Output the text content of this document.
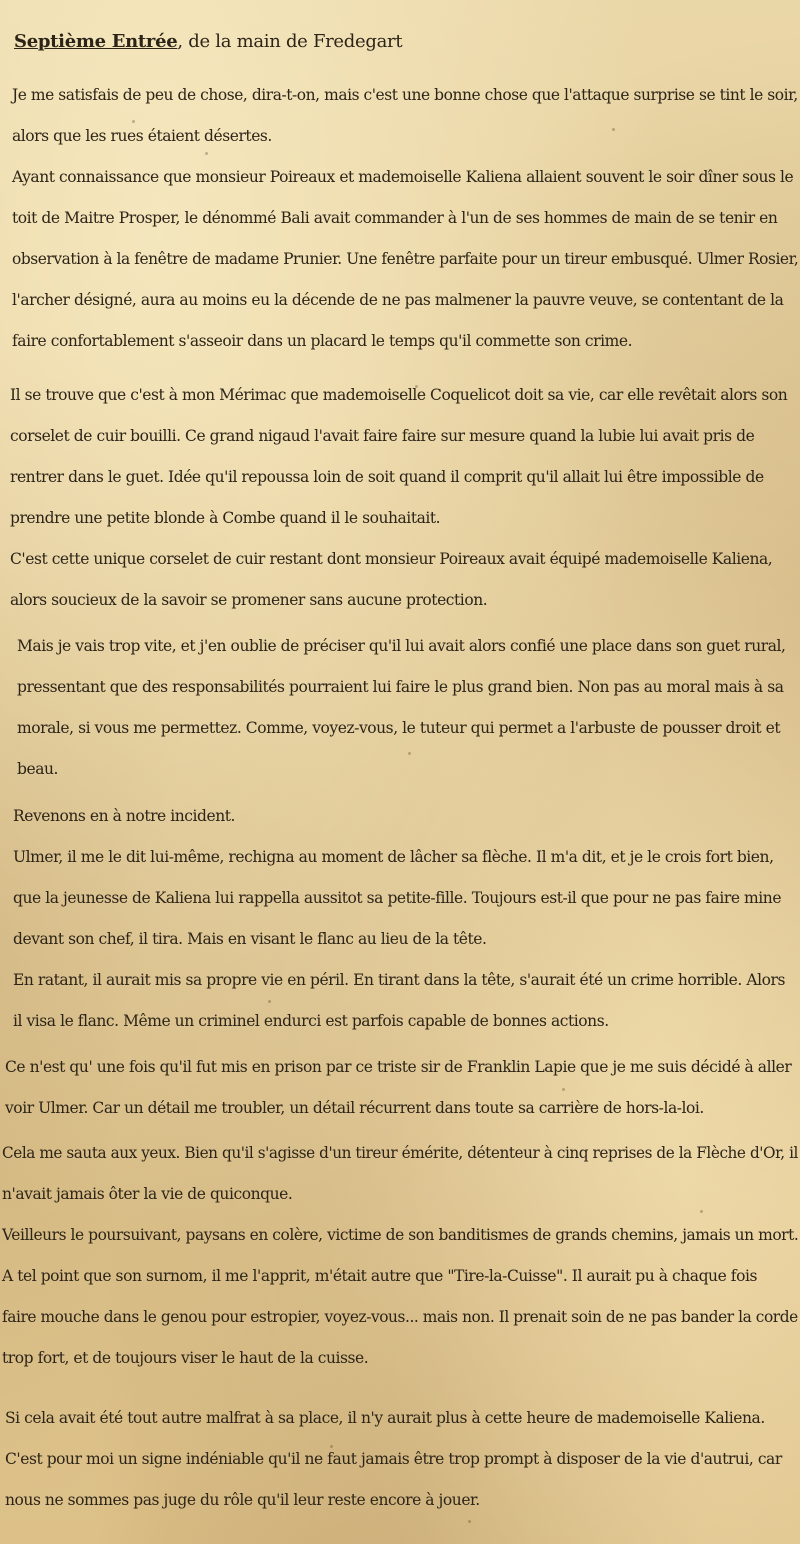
Septième Entrée, de la main de Fredegart
Je me satisfais de peu de chose, dira-t-on, mais c'est une bonne chose que l'attaque surprise se tint le soir,
alors que les rues étaient désertes.
Ayant connaissance que monsieur Poireaux et mademoiselle Kaliena allaient souvent le soir dîner sous le
toit de Maitre Prosper, le dénommé Bali avait commander à l'un de ses hommes de main de se tenir en
observation à la fenêtre de madame Prunier. Une fenêtre parfaite pour un tireur embusqué. Ulmer Rosier,
l'archer désigné, aura au moins eu la décende de ne pas malmener la pauvre veuve, se contentant de la
faire confortablement s'asseoir dans un placard le temps qu'il commette son crime.
Il se trouve que c'est à mon Mérimac que mademoiselle Coquelicot doit sa vie, car elle revêtait alors son
corselet de cuir bouilli. Ce grand nigaud l'avait faire faire sur mesure quand la lubie lui avait pris de
rentrer dans le guet. Idée qu'il repoussa loin de soit quand il comprit qu'il allait lui être impossible de
prendre une petite blonde à Combe quand il le souhaitait.
C'est cette unique corselet de cuir restant dont monsieur Poireaux avait équipé mademoiselle Kaliena,
alors soucieux de la savoir se promener sans aucune protection.
Mais je vais trop vite, et j'en oublie de préciser qu'il lui avait alors confié une place dans son guet rural,
pressentant que des responsabilités pourraient lui faire le plus grand bien. Non pas au moral mais à sa
morale, si vous me permettez. Comme, voyez-vous, le tuteur qui permet a l'arbuste de pousser droit et
beau.
Revenons en à notre incident.
Ulmer, il me le dit lui-même, rechigna au moment de lâcher sa flèche. Il m'a dit, et je le crois fort bien,
que la jeunesse de Kaliena lui rappella aussitot sa petite-fille. Toujours est-il que pour ne pas faire mine
devant son chef, il tira. Mais en visant le flanc au lieu de la tête.
En ratant, il aurait mis sa propre vie en péril. En tirant dans la tête, s'aurait été un crime horrible. Alors
il visa le flanc. Même un criminel endurci est parfois capable de bonnes actions.
Ce n'est qu' une fois qu'il fut mis en prison par ce triste sir de Franklin Lapie que je me suis décidé à aller
voir Ulmer. Car un détail me troubler, un détail récurrent dans toute sa carrière de hors-la-loi.
Cela me sauta aux yeux. Bien qu'il s'agisse d'un tireur émérite, détenteur à cinq reprises de la Flèche d'Or, il
n'avait jamais ôter la vie de quiconque.
Veilleurs le poursuivant, paysans en colère, victime de son banditismes de grands chemins, jamais un mort.
A tel point que son surnom, il me l'apprit, m'était autre que "Tire-la-Cuisse". Il aurait pu à chaque fois
faire mouche dans le genou pour estropier, voyez-vous... mais non. Il prenait soin de ne pas bander la corde
trop fort, et de toujours viser le haut de la cuisse.
Si cela avait été tout autre malfrat à sa place, il n'y aurait plus à cette heure de mademoiselle Kaliena.
C'est pour moi un signe indéniable qu'il ne faut jamais être trop prompt à disposer de la vie d'autrui, car
nous ne sommes pas juge du rôle qu'il leur reste encore à jouer.
